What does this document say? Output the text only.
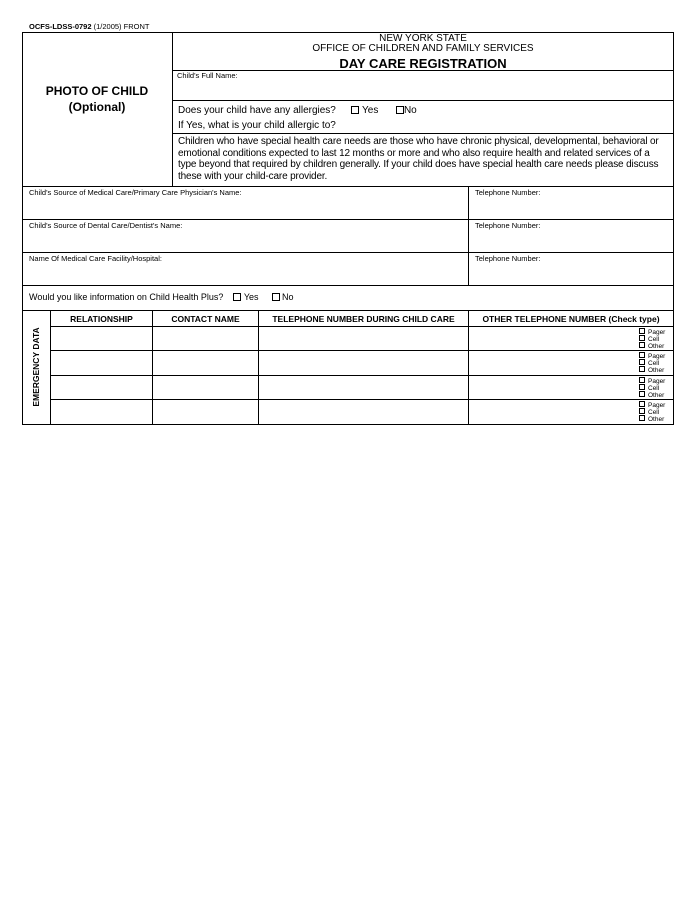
OCFS-LDSS-0792 (1/2005) FRONT
NEW YORK STATE
OFFICE OF CHILDREN AND FAMILY SERVICES
DAY CARE REGISTRATION
PHOTO OF CHILD
(Optional)
Child's Full Name:
Does your child have any allergies?	Yes	No
If Yes, what is your child allergic to?
Children who have special health care needs are those who have chronic physical, developmental, behavioral or emotional conditions expected to last 12 months or more and who also require health and related services of a type beyond that required by children generally. If your child does have special health care needs please discuss these with your child-care provider.
Child's Source of Medical Care/Primary Care Physician's Name:	Telephone Number:
Child's Source of Dental Care/Dentist's Name:	Telephone Number:
Name Of Medical Care Facility/Hospital:	Telephone Number:
Would you like information on Child Health Plus? Yes	No
EMERGENCY DATA
RELATIONSHIP	CONTACT NAME	TELEPHONE NUMBER DURING CHILD CARE	OTHER TELEPHONE NUMBER (Check type)
Pager
Cell
Other
Pager
Cell
Other
Pager
Cell
Other
Pager
Cell
Other
